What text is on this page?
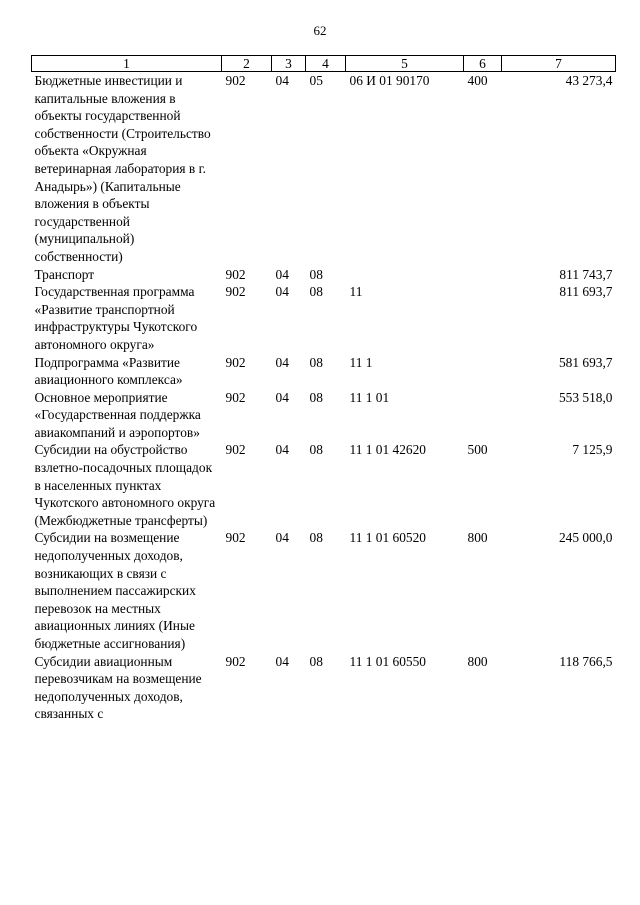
62
1	2	3	4	5	6	7
Бюджетные инвестиции и капитальные вложения в объекты государственной собственности (Строительство объекта «Окружная ветеринарная лаборатория в г. Анадырь») (Капитальные вложения в объекты государственной (муниципальной) собственности)	902	04	05	06 И 01 90170	400	43 273,4
Транспорт	902	04	08			811 743,7
Государственная программа «Развитие транспортной инфраструктуры Чукотского автономного округа»	902	04	08	11		811 693,7
Подпрограмма «Развитие авиационного комплекса»	902	04	08	11 1		581 693,7
Основное мероприятие «Государственная поддержка авиакомпаний и аэропортов»	902	04	08	11 1 01		553 518,0
Субсидии на обустройство взлетно-посадочных площадок в населенных пунктах Чукотского автономного округа (Межбюджетные трансферты)	902	04	08	11 1 01 42620	500	7 125,9
Субсидии на возмещение недополученных доходов, возникающих в связи с выполнением пассажирских перевозок на местных авиационных линиях (Иные бюджетные ассигнования)	902	04	08	11 1 01 60520	800	245 000,0
Субсидии авиационным перевозчикам на возмещение недополученных доходов, связанных с	902	04	08	11 1 01 60550	800	118 766,5
